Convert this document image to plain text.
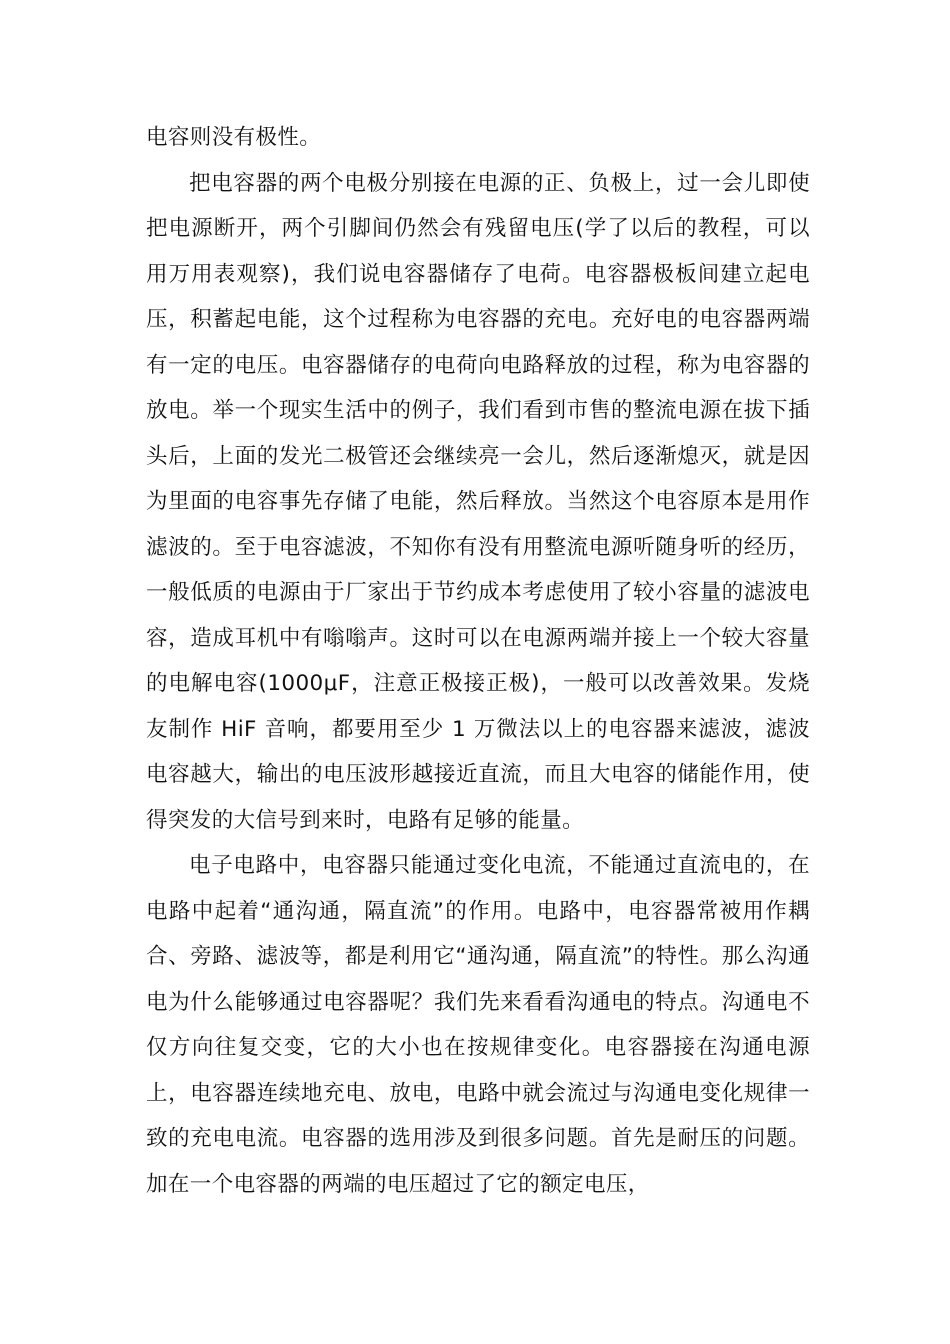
电容则没有极性。

把电容器的两个电极分别接在电源的正、负极上，过一会儿即使把电源断开，两个引脚间仍然会有残留电压(学了以后的教程，可以用万用表观察)，我们说电容器储存了电荷。电容器极板间建立起电压，积蓄起电能，这个过程称为电容器的充电。充好电的电容器两端有一定的电压。电容器储存的电荷向电路释放的过程，称为电容器的放电。举一个现实生活中的例子，我们看到市售的整流电源在拔下插头后，上面的发光二极管还会继续亮一会儿，然后逐渐熄灭，就是因为里面的电容事先存储了电能，然后释放。当然这个电容原本是用作滤波的。至于电容滤波，不知你有没有用整流电源听随身听的经历，一般低质的电源由于厂家出于节约成本考虑使用了较小容量的滤波电容，造成耳机中有嗡嗡声。这时可以在电源两端并接上一个较大容量的电解电容(1000μF，注意正极接正极)，一般可以改善效果。发烧友制作 HiF 音响，都要用至少 1 万微法以上的电容器来滤波，滤波电容越大，输出的电压波形越接近直流，而且大电容的储能作用，使得突发的大信号到来时，电路有足够的能量。

电子电路中，电容器只能通过变化电流，不能通过直流电的，在电路中起着“通沟通，隔直流”的作用。电路中，电容器常被用作耦合、旁路、滤波等，都是利用它“通沟通，隔直流”的特性。那么沟通电为什么能够通过电容器呢？我们先来看看沟通电的特点。沟通电不仅方向往复交变，它的大小也在按规律变化。电容器接在沟通电源上，电容器连续地充电、放电，电路中就会流过与沟通电变化规律一致的充电电流。电容器的选用涉及到很多问题。首先是耐压的问题。加在一个电容器的两端的电压超过了它的额定电压，
